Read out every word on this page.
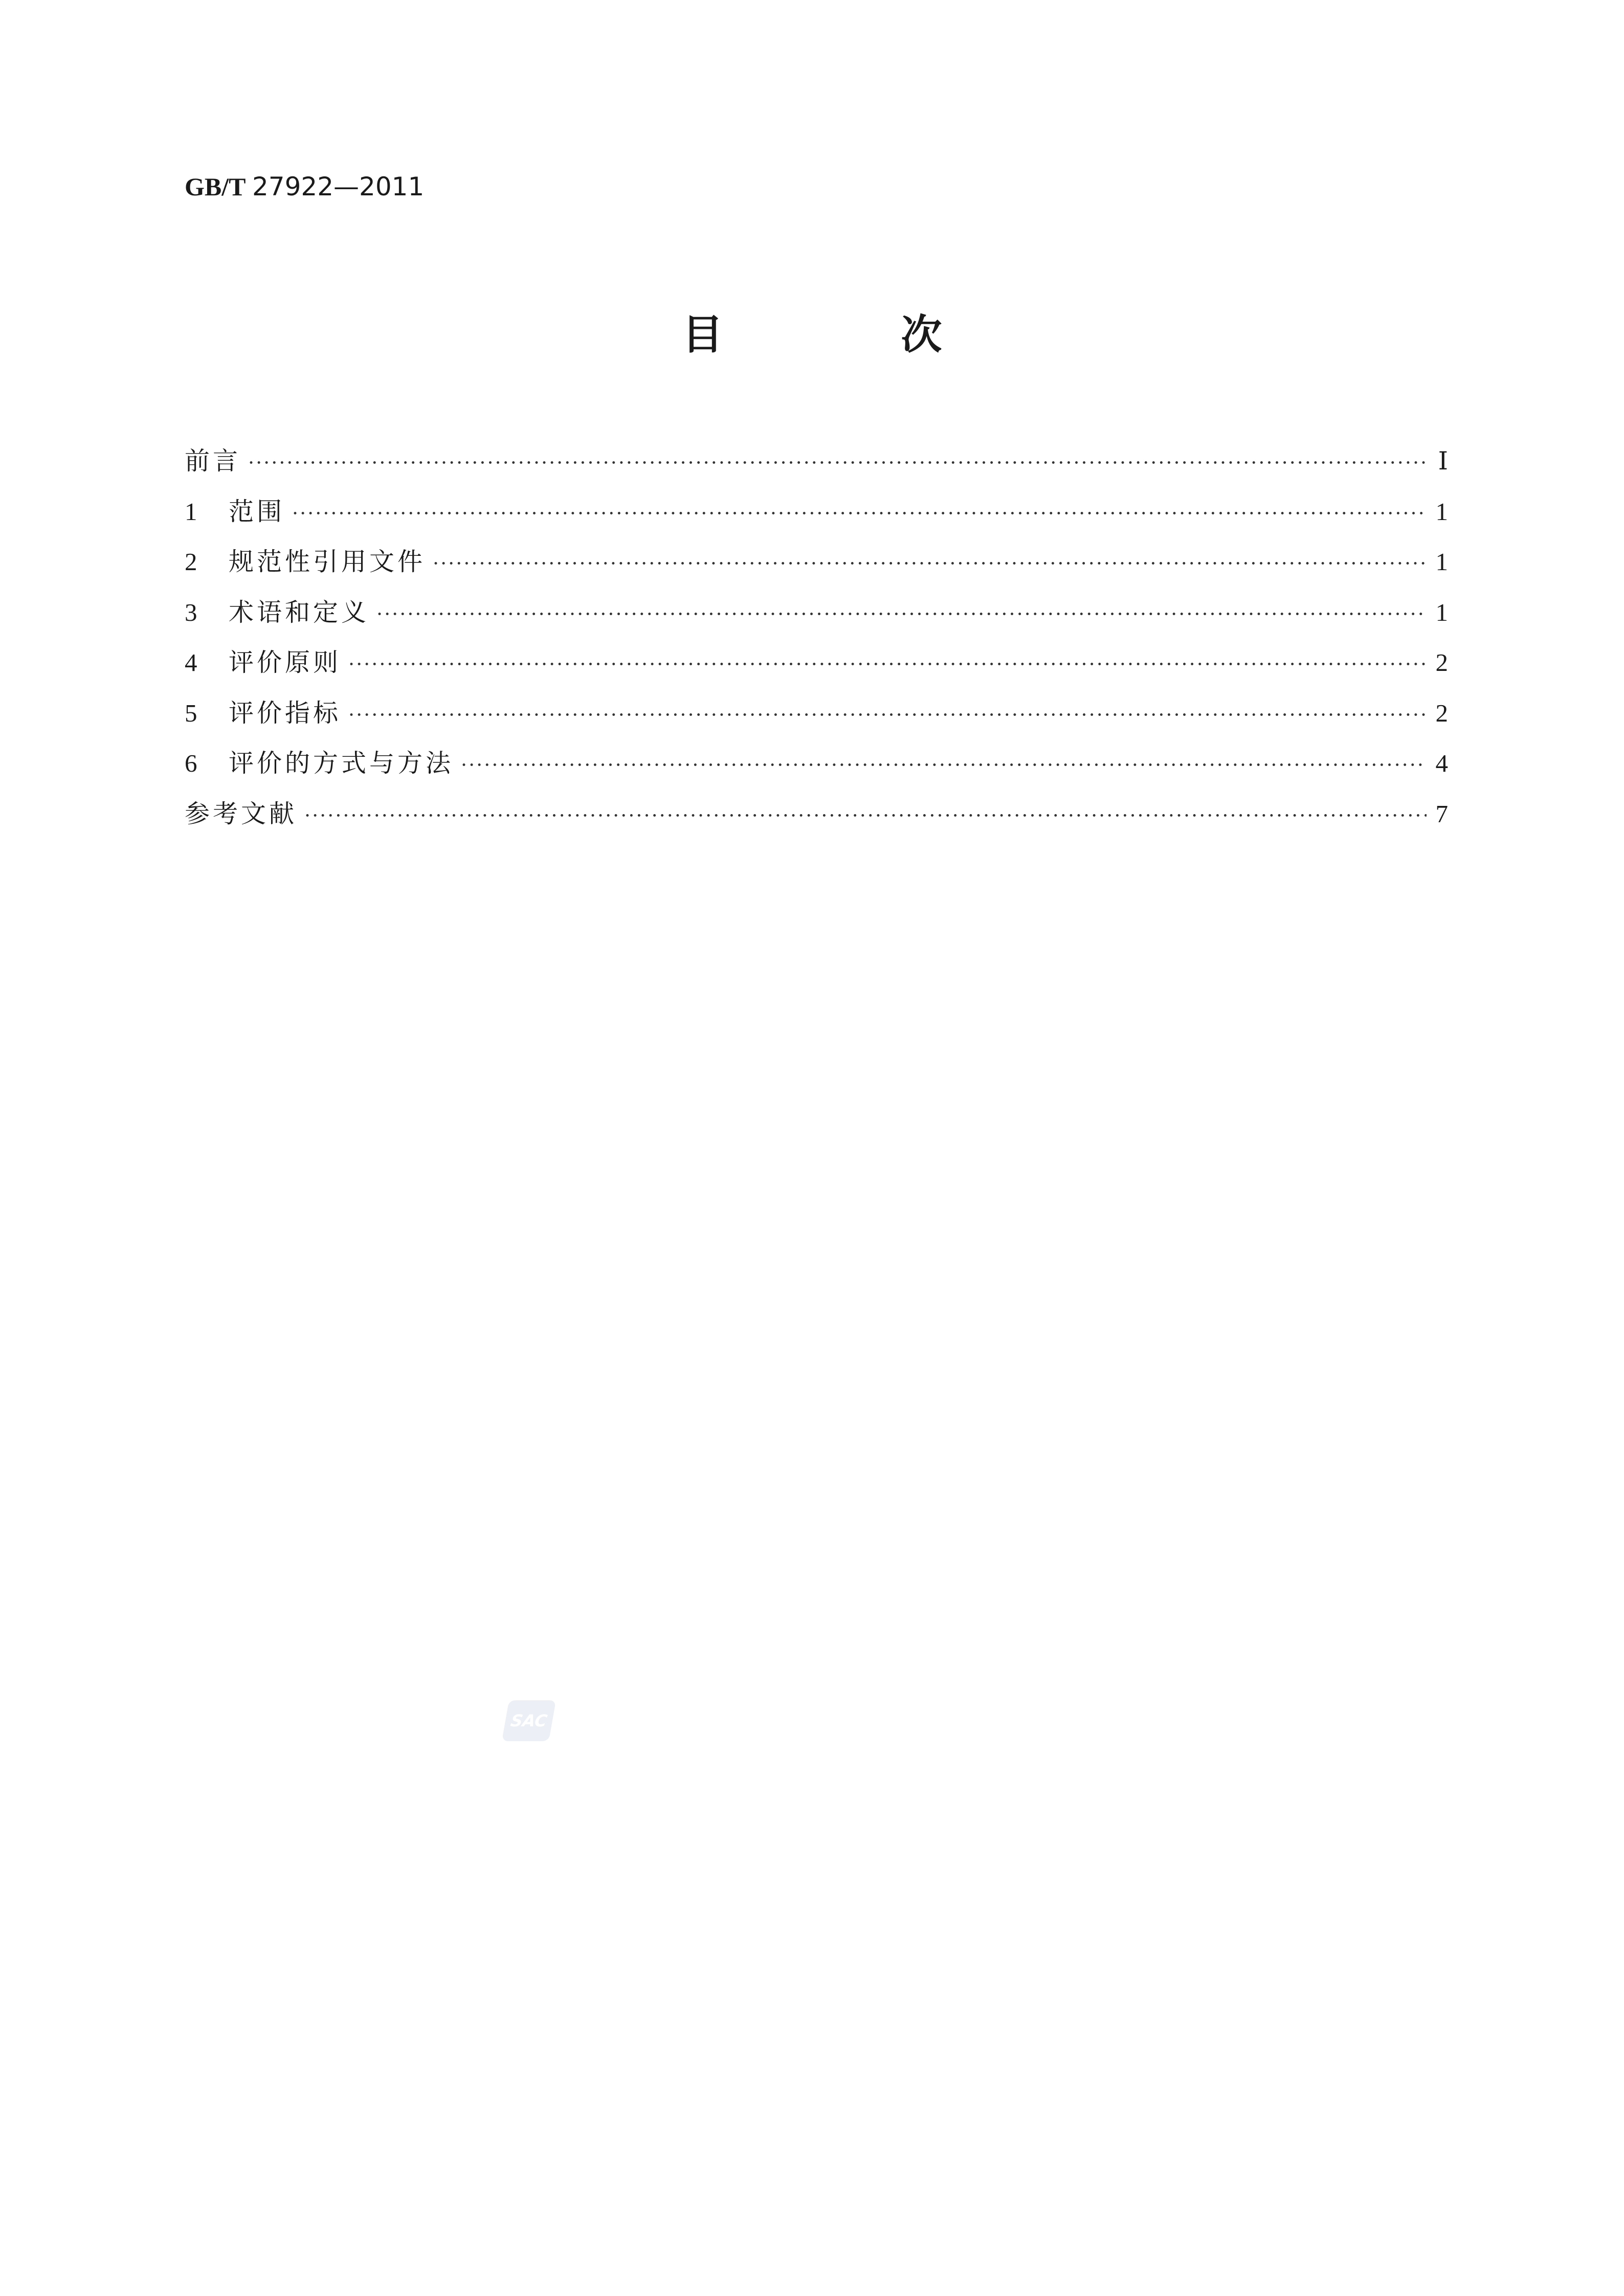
GB/T 27922—2011
目 次
前言 ·····	Ⅰ
1	范围 ·····	1
2	规范性引用文件 ·····	1
3	术语和定义 ·····	1
4	评价原则 ·····	2
5	评价指标 ·····	2
6	评价的方式与方法 ·····	4
参考文献 ·····	7
SAC
